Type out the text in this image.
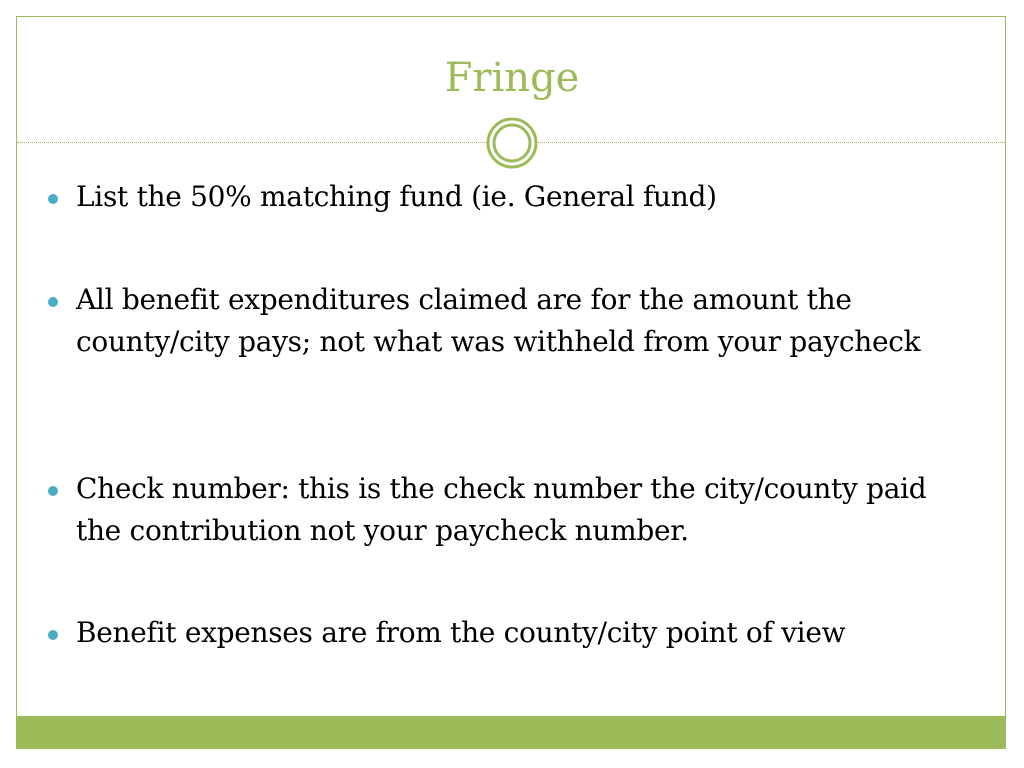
Fringe
List the 50% matching fund (ie. General fund)
All benefit expenditures claimed are for the amount the county/city pays; not what was withheld from your paycheck
Check number: this is the check number the city/county paid the contribution not your paycheck number.
Benefit expenses are from the county/city point of view
